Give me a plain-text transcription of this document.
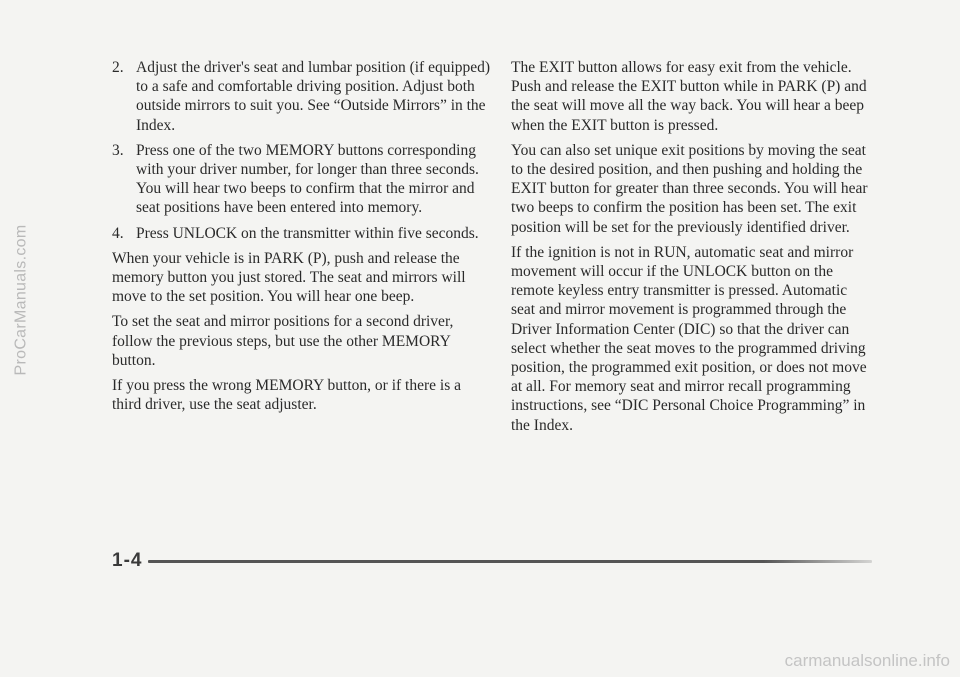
ProCarManuals.com
2. Adjust the driver's seat and lumbar position (if equipped) to a safe and comfortable driving position. Adjust both outside mirrors to suit you. See “Outside Mirrors” in the Index.
3. Press one of the two MEMORY buttons corresponding with your driver number, for longer than three seconds. You will hear two beeps to confirm that the mirror and seat positions have been entered into memory.
4. Press UNLOCK on the transmitter within five seconds.

When your vehicle is in PARK (P), push and release the memory button you just stored. The seat and mirrors will move to the set position. You will hear one beep.

To set the seat and mirror positions for a second driver, follow the previous steps, but use the other MEMORY button.

If you press the wrong MEMORY button, or if there is a third driver, use the seat adjuster.

The EXIT button allows for easy exit from the vehicle. Push and release the EXIT button while in PARK (P) and the seat will move all the way back. You will hear a beep when the EXIT button is pressed.

You can also set unique exit positions by moving the seat to the desired position, and then pushing and holding the EXIT button for greater than three seconds. You will hear two beeps to confirm the position has been set. The exit position will be set for the previously identified driver.

If the ignition is not in RUN, automatic seat and mirror movement will occur if the UNLOCK button on the remote keyless entry transmitter is pressed. Automatic seat and mirror movement is programmed through the Driver Information Center (DIC) so that the driver can select whether the seat moves to the programmed driving position, the programmed exit position, or does not move at all. For memory seat and mirror recall programming instructions, see “DIC Personal Choice Programming” in the Index.

1-4
carmanualsonline.info
